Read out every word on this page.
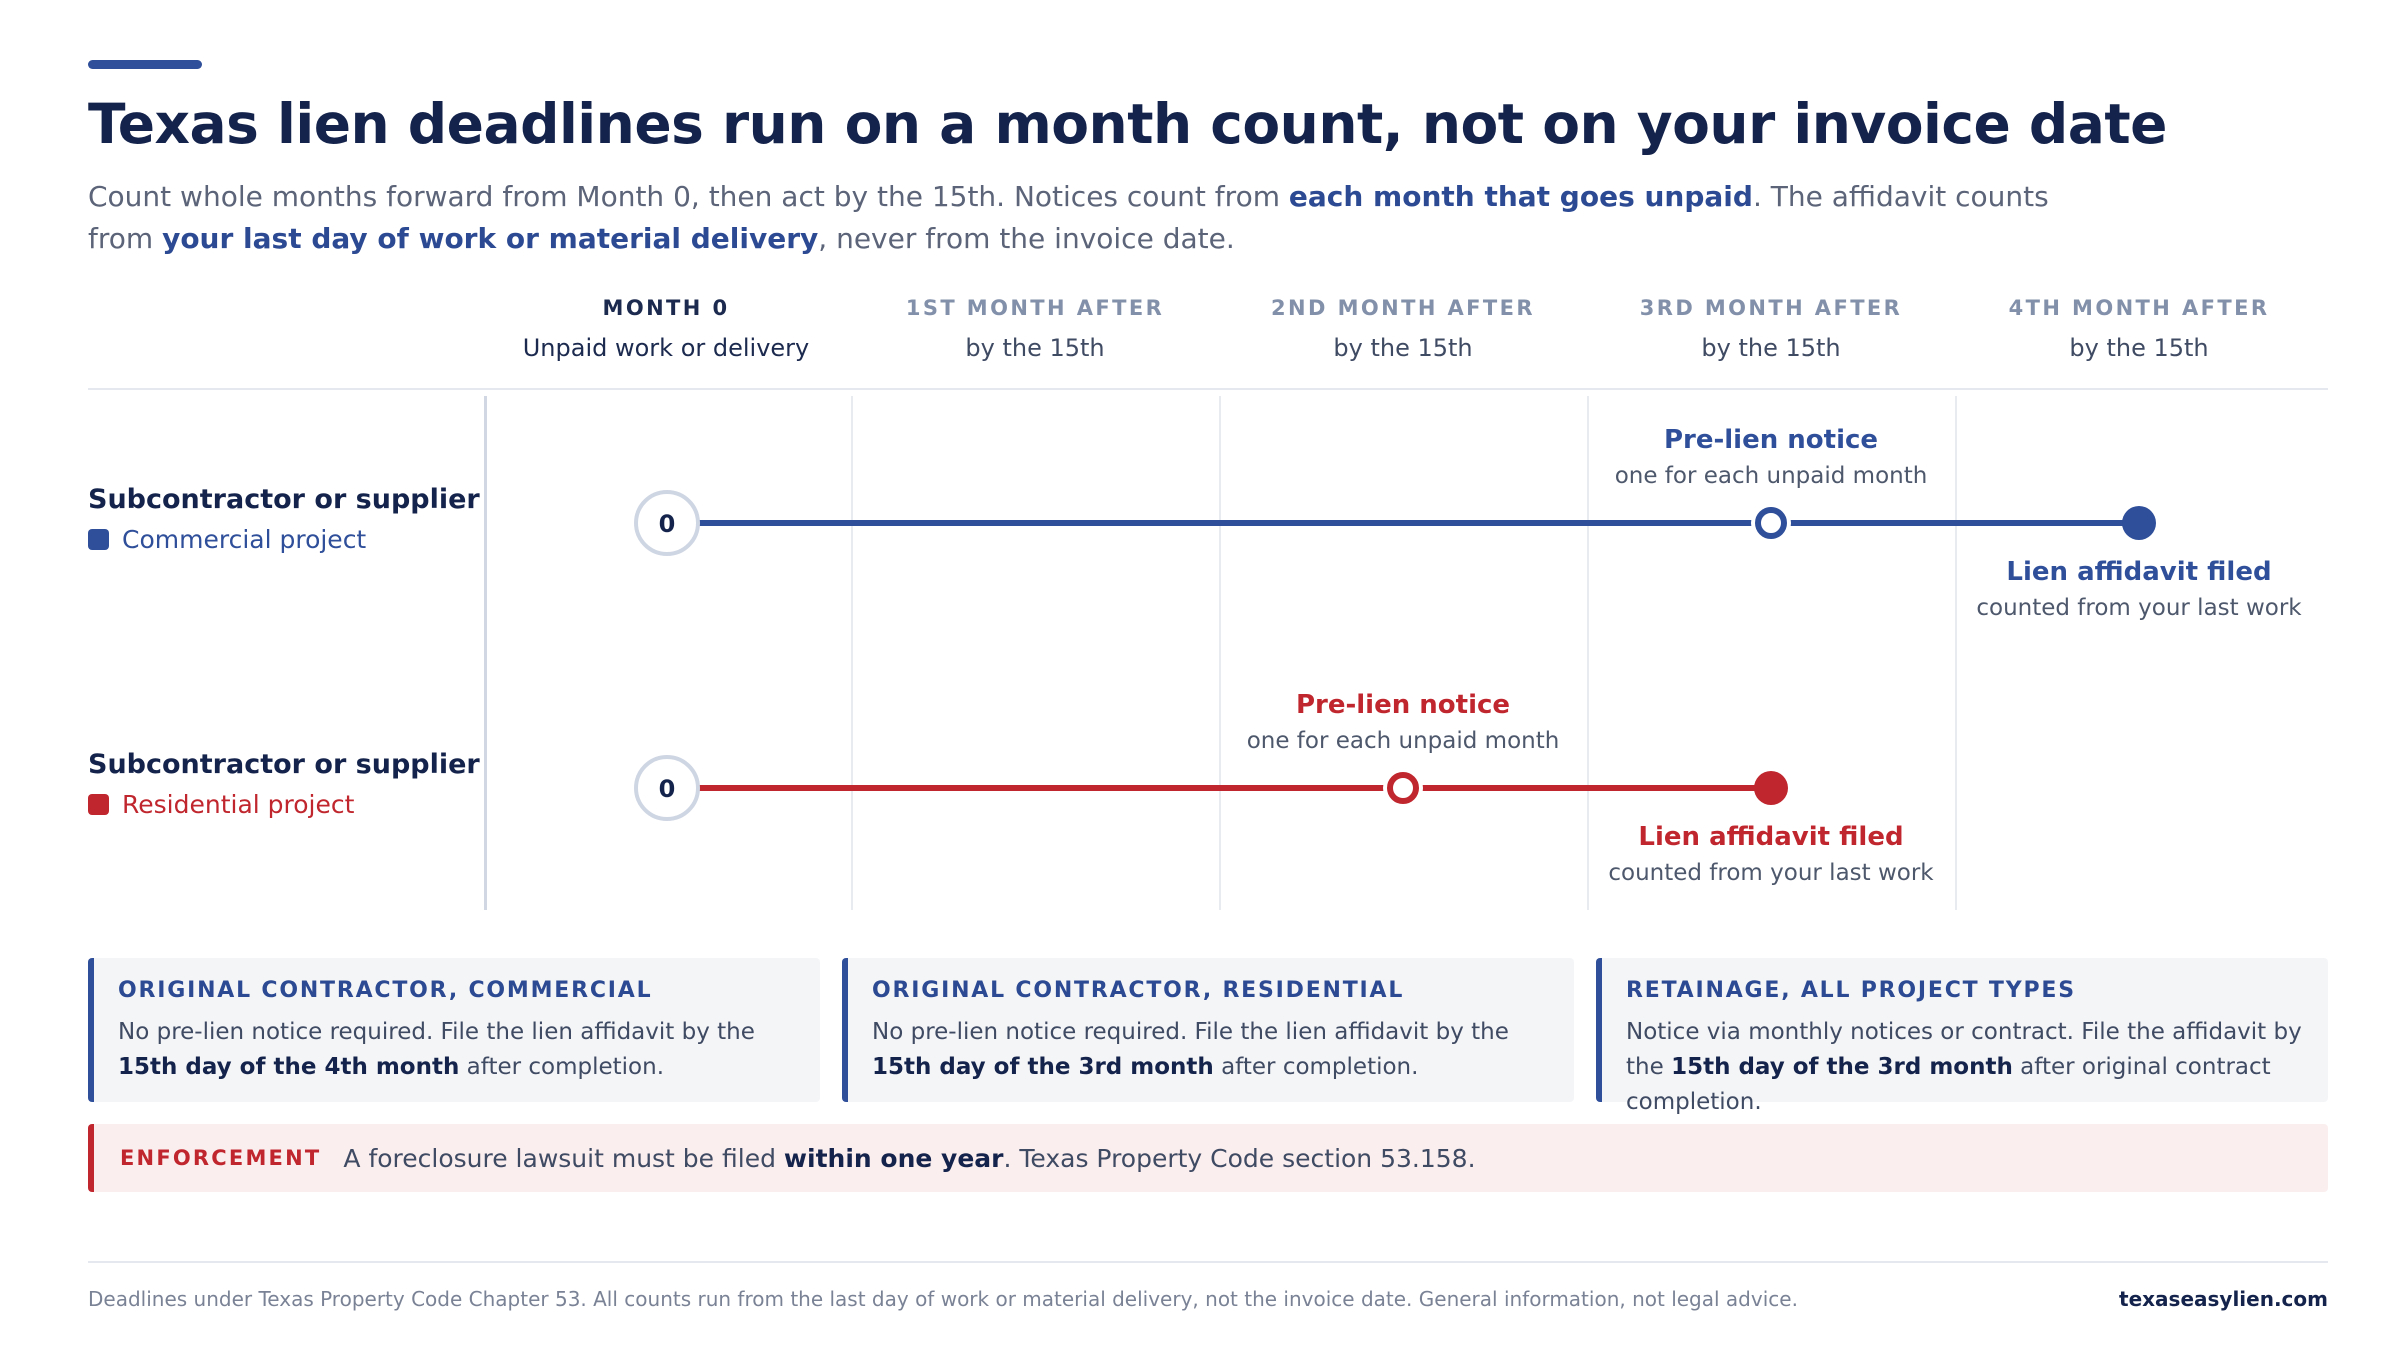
Texas lien deadlines run on a month count, not on your invoice date

Count whole months forward from Month 0, then act by the 15th. Notices count from each month that goes unpaid. The affidavit counts from your last day of work or material delivery, never from the invoice date.

MONTH 0
Unpaid work or delivery
1ST MONTH AFTER
by the 15th
2ND MONTH AFTER
by the 15th
3RD MONTH AFTER
by the 15th
4TH MONTH AFTER
by the 15th
Subcontractor or supplier
Commercial project
Subcontractor or supplier
Residential project
0
0
Pre-lien notice
one for each unpaid month
Lien affidavit filed
counted from your last work
Pre-lien notice
one for each unpaid month
Lien affidavit filed
counted from your last work
ORIGINAL CONTRACTOR, COMMERCIAL

No pre-lien notice required. File the lien affidavit by the 15th day of the 4th month after completion.

ORIGINAL CONTRACTOR, RESIDENTIAL

No pre-lien notice required. File the lien affidavit by the 15th day of the 3rd month after completion.

RETAINAGE, ALL PROJECT TYPES

Notice via monthly notices or contract. File the affidavit by the 15th day of the 3rd month after original contract completion.

ENFORCEMENT A foreclosure lawsuit must be filed within one year. Texas Property Code section 53.158.
Deadlines under Texas Property Code Chapter 53. All counts run from the last day of work or material delivery, not the invoice date. General information, not legal advice.	texaseasylien.com
